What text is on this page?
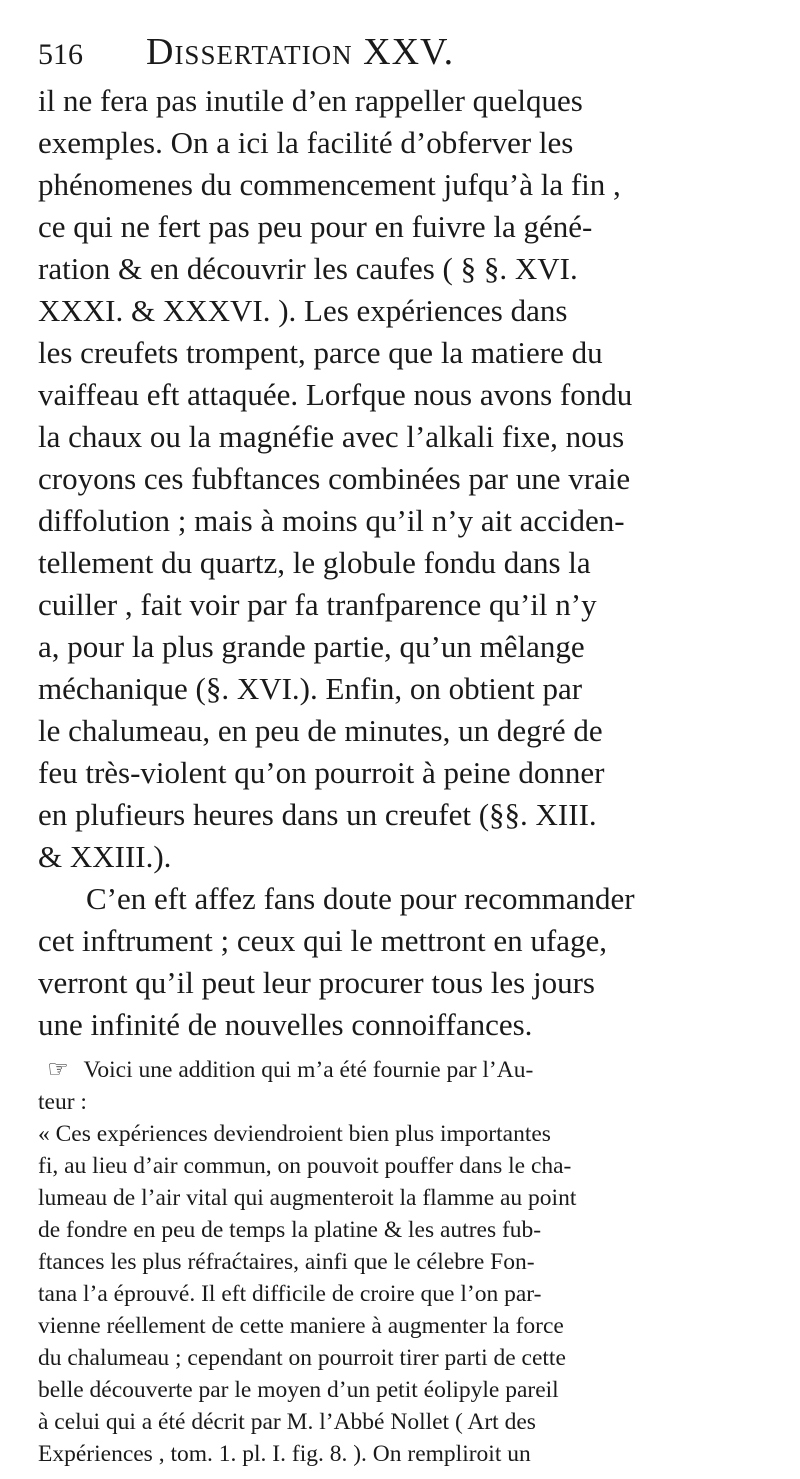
516 Dissertation XXV.
il ne fera pas inutile d’en rappeller quelques
exemples. On a ici la facilité d’obferver les
phénomenes du commencement jufqu’à la fin ,
ce qui ne fert pas peu pour en fuivre la géné-
ration & en découvrir les caufes ( § §. XVI.
XXXI. & XXXVI. ). Les expériences dans
les creufets trompent, parce que la matiere du
vaiffeau eft attaquée. Lorfque nous avons fondu
la chaux ou la magnéfie avec l’alkali fixe, nous
croyons ces fubftances combinées par une vraie
diffolution ; mais à moins qu’il n’y ait acciden-
tellement du quartz, le globule fondu dans la
cuiller , fait voir par fa tranfparence qu’il n’y
a, pour la plus grande partie, qu’un mêlange
méchanique (§. XVI.). Enfin, on obtient par
le chalumeau, en peu de minutes, un degré de
feu très-violent qu’on pourroit à peine donner
en plufieurs heures dans un creufet (§§. XIII.
& XXIII.).
C’en eft affez fans doute pour recommander
cet inftrument ; ceux qui le mettront en ufage,
verront qu’il peut leur procurer tous les jours
une infinité de nouvelles connoiffances.
☞ Voici une addition qui m’a été fournie par l’Au-
teur :
« Ces expériences deviendroient bien plus importantes
fi, au lieu d’air commun, on pouvoit pouffer dans le cha-
lumeau de l’air vital qui augmenteroit la flamme au point
de fondre en peu de temps la platine & les autres fub-
ftances les plus réfraćtaires, ainfi que le célebre Fon-
tana l’a éprouvé. Il eft difficile de croire que l’on par-
vienne réellement de cette maniere à augmenter la force
du chalumeau ; cependant on pourroit tirer parti de cette
belle découverte par le moyen d’un petit éolipyle pareil
à celui qui a été décrit par M. l’Abbé Nollet ( Art des
Expériences , tom. 1. pl. I. fig. 8. ). On rempliroit un
